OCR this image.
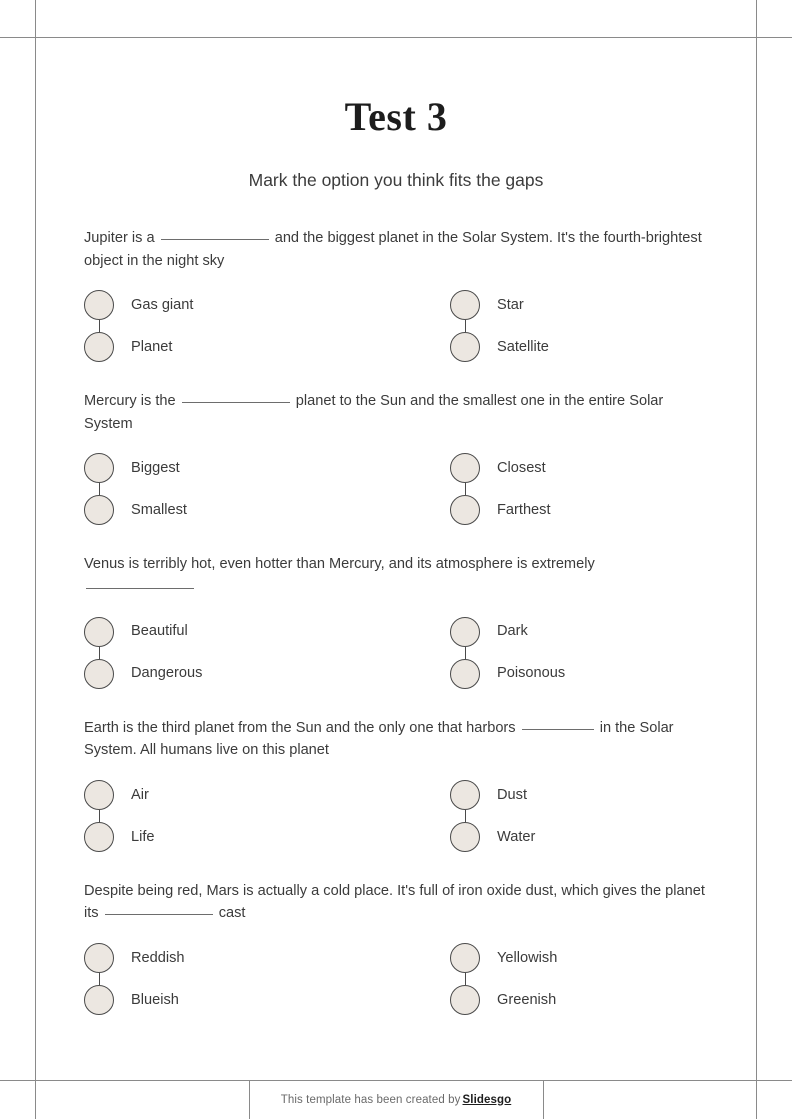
Test 3
Mark the option you think fits the gaps

Jupiter is a	and the biggest planet in the Solar System. It's the fourth-brightest object in the night sky

Gas giant
Planet
Star
Satellite

Mercury is the	planet to the Sun and the smallest one in the entire Solar System

Biggest
Smallest
Closest
Farthest

Venus is terribly hot, even hotter than Mercury, and its atmosphere is extremely

Beautiful
Dangerous
Dark
Poisonous

Earth is the third planet from the Sun and the only one that harbors	in the Solar System. All humans live on this planet

Air
Life
Dust
Water

Despite being red, Mars is actually a cold place. It's full of iron oxide dust, which gives the planet its	cast

Reddish
Blueish
Yellowish
Greenish
This template has been created by Slidesgo
